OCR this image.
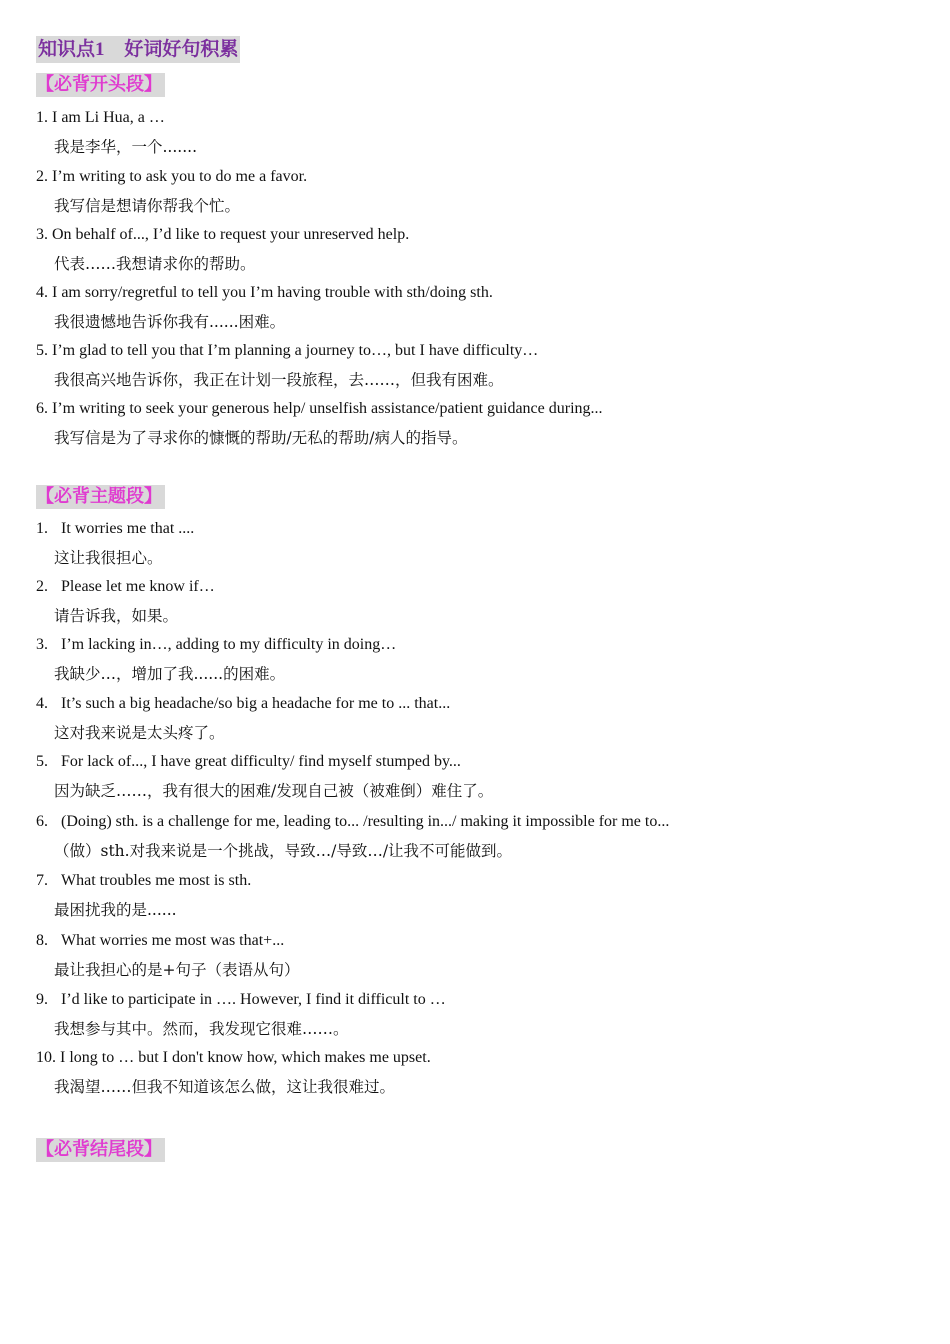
知识点1 好词好句积累
【必背开头段】
1. I am Li Hua, a …
我是李华，一个.......
2. I’m writing to ask you to do me a favor.
我写信是想请你帮我个忙。
3. On behalf of..., I’d like to request your unreserved help.
代表……我想请求你的帮助。
4. I am sorry/regretful to tell you I’m having trouble with sth/doing sth.
我很遗憾地告诉你我有......困难。
5. I’m glad to tell you that I’m planning a journey to…, but I have difficulty…
我很高兴地告诉你，我正在计划一段旅程，去……，但我有困难。
6. I’m writing to seek your generous help/ unselfish assistance/patient guidance during...
我写信是为了寻求你的慷慨的帮助/无私的帮助/病人的指导。
【必背主题段】
1. It worries me that ....
这让我很担心。
2. Please let me know if…
请告诉我，如果。
3. I’m lacking in…, adding to my difficulty in doing…
我缺少…，增加了我......的困难。
4. It’s such a big headache/so big a headache for me to ... that...
这对我来说是太头疼了。
5. For lack of..., I have great difficulty/ find myself stumped by...
因为缺乏……，我有很大的困难/发现自己被（被难倒）难住了。
6. (Doing) sth. is a challenge for me, leading to... /resulting in.../ making it impossible for me to...
（做）sth.对我来说是一个挑战，导致…/导致…/让我不可能做到。
7. What troubles me most is sth.
最困扰我的是......
8. What worries me most was that+...
最让我担心的是+句子（表语从句）
9. I’d like to participate in …. However, I find it difficult to …
我想参与其中。然而，我发现它很难……。
10. I long to … but I don't know how, which makes me upset.
我渴望……但我不知道该怎么做，这让我很难过。
【必背结尾段】
